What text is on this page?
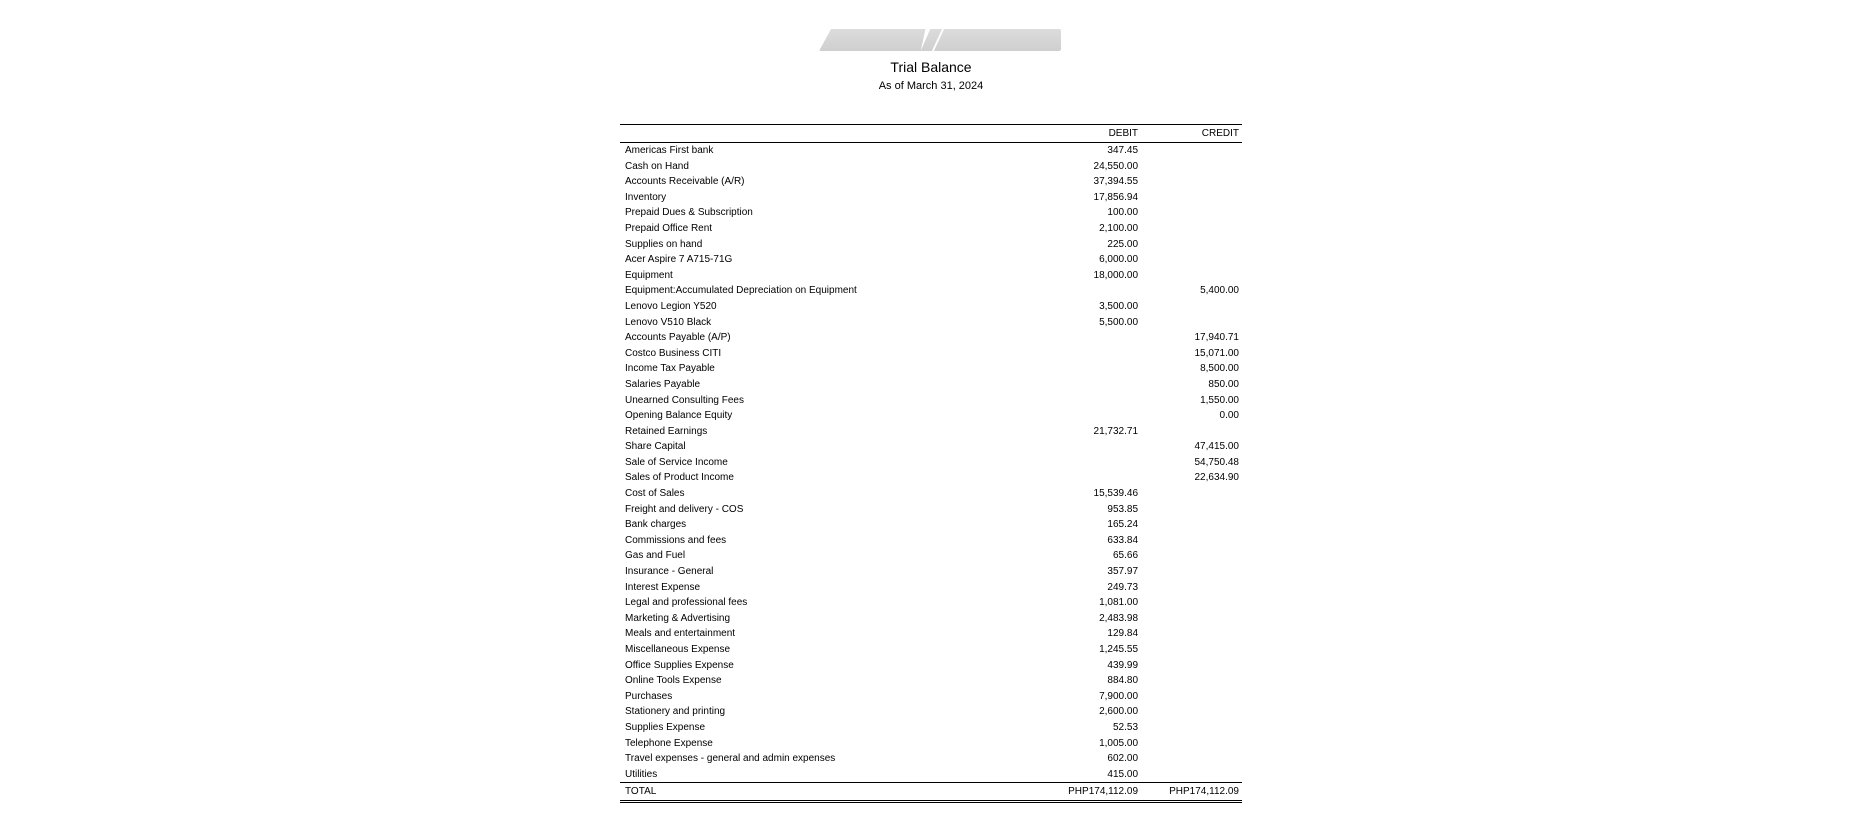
Trial Balance
As of March 31, 2024
	DEBIT	CREDIT
Americas First bank	347.45	
Cash on Hand	24,550.00	
Accounts Receivable (A/R)	37,394.55	
Inventory	17,856.94	
Prepaid Dues & Subscription	100.00	
Prepaid Office Rent	2,100.00	
Supplies on hand	225.00	
Acer Aspire 7 A715-71G	6,000.00	
Equipment	18,000.00	
Equipment:Accumulated Depreciation on Equipment		5,400.00
Lenovo Legion Y520	3,500.00	
Lenovo V510 Black	5,500.00	
Accounts Payable (A/P)		17,940.71
Costco Business CITI		15,071.00
Income Tax Payable		8,500.00
Salaries Payable		850.00
Unearned Consulting Fees		1,550.00
Opening Balance Equity		0.00
Retained Earnings	21,732.71	
Share Capital		47,415.00
Sale of Service Income		54,750.48
Sales of Product Income		22,634.90
Cost of Sales	15,539.46	
Freight and delivery - COS	953.85	
Bank charges	165.24	
Commissions and fees	633.84	
Gas and Fuel	65.66	
Insurance - General	357.97	
Interest Expense	249.73	
Legal and professional fees	1,081.00	
Marketing & Advertising	2,483.98	
Meals and entertainment	129.84	
Miscellaneous Expense	1,245.55	
Office Supplies Expense	439.99	
Online Tools Expense	884.80	
Purchases	7,900.00	
Stationery and printing	2,600.00	
Supplies Expense	52.53	
Telephone Expense	1,005.00	
Travel expenses - general and admin expenses	602.00	
Utilities	415.00	
TOTAL	PHP174,112.09	PHP174,112.09
